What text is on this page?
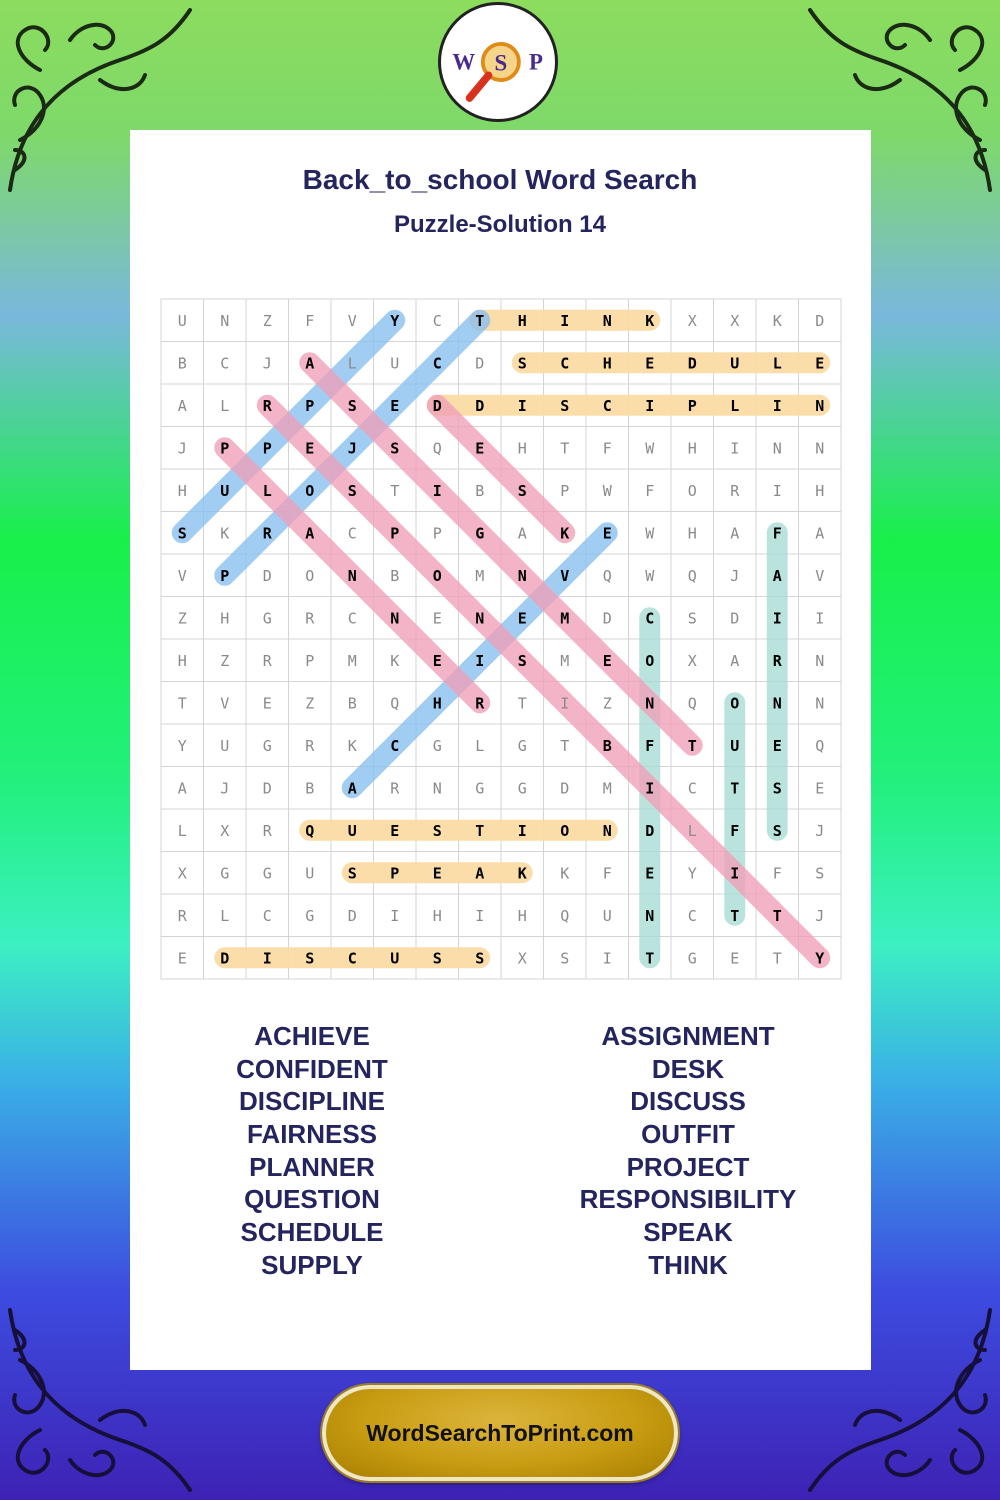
W S P
Back_to_school Word Search
Puzzle-Solution 14
U N Z F V Y C T H I N K X X K D
B C J A L U C D S C H E D U L E
A L R P S E D D I S C I P L I N
J P P E J S Q E H T F W H I N N
H U L O S T I B S P W F O R I H
S K R A C P P G A K E W H A F A
V P D O N B O M N V Q W Q J A V
Z H G R C N E N E M D C S D I I
H Z R P M K E I S M E O X A R N
T V E Z B Q H R T I Z N Q O N N
Y U G R K C G L G T B F T U E Q
A J D B A R N G G D M I C T S E
L X R Q U E S T I O N D L F S J
X G G U S P E A K K F E Y I F S
R L C G D I H I H Q U N C T T J
E D I S C U S S X S I T G E T Y
ACHIEVE
CONFIDENT
DISCIPLINE
FAIRNESS
PLANNER
QUESTION
SCHEDULE
SUPPLY
ASSIGNMENT
DESK
DISCUSS
OUTFIT
PROJECT
RESPONSIBILITY
SPEAK
THINK
WordSearchToPrint.com
